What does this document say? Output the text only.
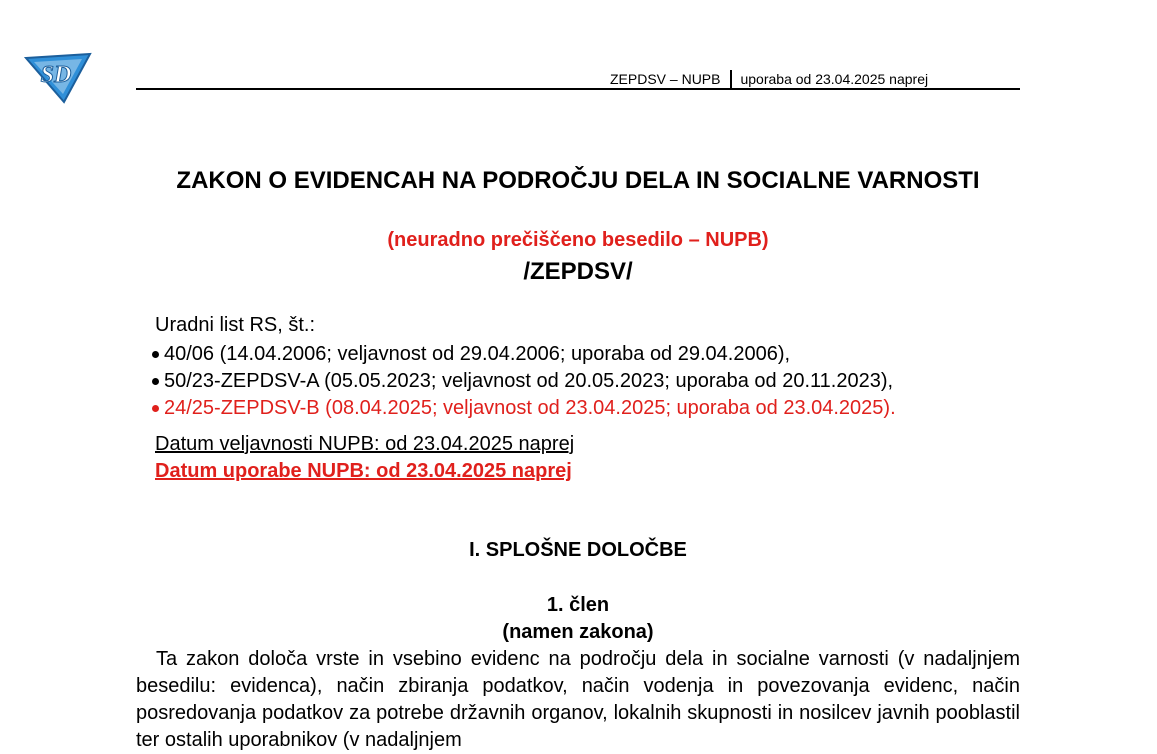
SD	ZEPDSV – NUPB uporaba od 23.04.2025 naprej
ZAKON O EVIDENCAH NA PODROČJU DELA IN SOCIALNE VARNOSTI
(neuradno prečiščeno besedilo – NUPB)
/ZEPDSV/
Uradni list RS, št.:
40/06 (14.04.2006; veljavnost od 29.04.2006; uporaba od 29.04.2006),
50/23-ZEPDSV-A (05.05.2023; veljavnost od 20.05.2023; uporaba od 20.11.2023),
24/25-ZEPDSV-B (08.04.2025; veljavnost od 23.04.2025; uporaba od 23.04.2025).
Datum veljavnosti NUPB: od 23.04.2025 naprej
Datum uporabe NUPB: od 23.04.2025 naprej
I. SPLOŠNE DOLOČBE
1. člen
(namen zakona)

Ta zakon določa vrste in vsebino evidenc na področju dela in socialne varnosti (v nadaljnjem besedilu: evidenca), način zbiranja podatkov, način vodenja in povezovanja evidenc, način posredovanja podatkov za potrebe državnih organov, lokalnih skupnosti in nosilcev javnih pooblastil ter ostalih uporabnikov (v nadaljnjem
